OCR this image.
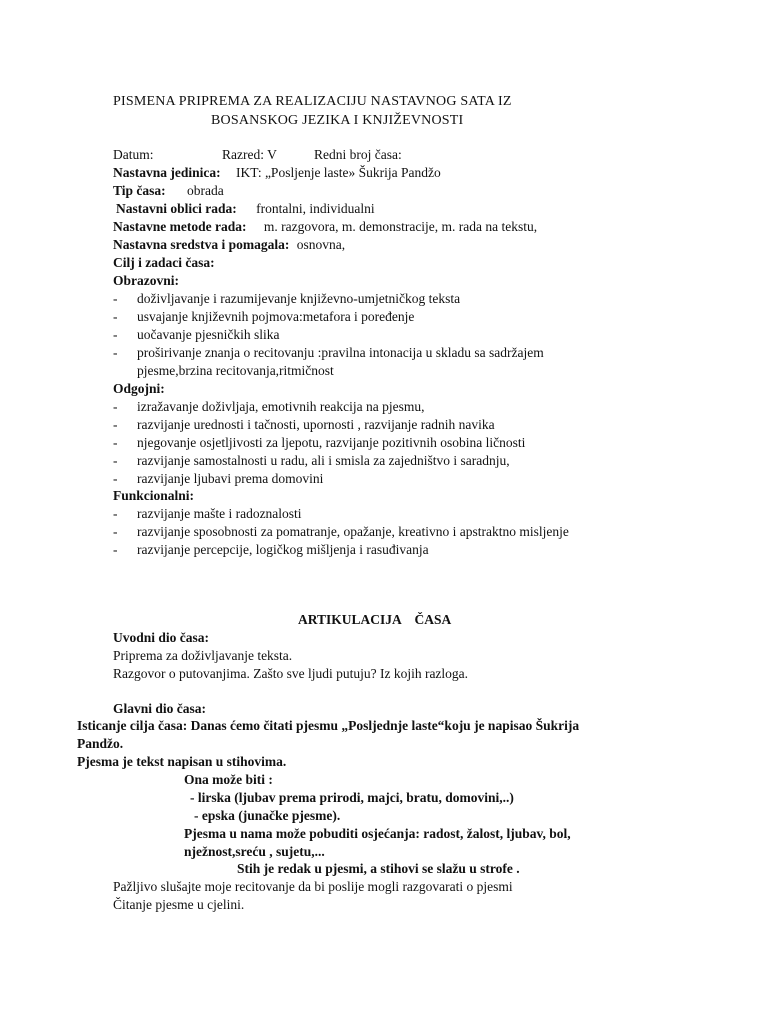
PISMENA PRIPREMA ZA REALIZACIJU NASTAVNOG SATA IZ
BOSANSKOG JEZIKA I KNJIŽEVNOSTI
Datum:	Razred: V	Redni broj časa:
Nastavna jedinica: IKT: „Posljenje laste» Šukrija Pandžo
Tip časa: obrada
Nastavni oblici rada: frontalni, individualni
Nastavne metode rada: m. razgovora, m. demonstracije, m. rada na tekstu,
Nastavna sredstva i pomagala: osnovna,
Cilj i zadaci časa:
Obrazovni:
- doživljavanje i razumijevanje književno-umjetničkog teksta
- usvajanje književnih pojmova:metafora i poređenje
- uočavanje pjesničkih slika
- proširivanje znanja o recitovanju :pravilna intonacija u skladu sa sadržajem
pjesme,brzina recitovanja,ritmičnost
Odgojni:
- izražavanje doživljaja, emotivnih reakcija na pjesmu,
- razvijanje urednosti i tačnosti, upornosti , razvijanje radnih navika
- njegovanje osjetljivosti za ljepotu, razvijanje pozitivnih osobina ličnosti
- razvijanje samostalnosti u radu, ali i smisla za zajedništvo i saradnju,
- razvijanje ljubavi prema domovini
Funkcionalni:
- razvijanje mašte i radoznalosti
- razvijanje sposobnosti za pomatranje, opažanje, kreativno i apstraktno misljenje
- razvijanje percepcije, logičkog mišljenja i rasuđivanja
ARTIKULACIJA    ČASA
Uvodni dio časa:
Priprema za doživljavanje teksta.
Razgovor o putovanjima. Zašto sve ljudi putuju? Iz kojih razloga.
Glavni dio časa:
Isticanje cilja časa: Danas ćemo čitati pjesmu „Posljednje laste“koju je napisao Šukrija
Pandžo.
Pjesma je tekst napisan u stihovima.
Ona može biti :
- lirska (ljubav prema prirodi, majci, bratu, domovini,..)
- epska (junačke pjesme).
Pjesma u nama može pobuditi osjećanja: radost, žalost, ljubav, bol,
nježnost,sreću , sujetu,...
Stih je redak u pjesmi, a stihovi se slažu u strofe .
Pažljivo slušajte moje recitovanje da bi poslije mogli razgovarati o pjesmi
Čitanje pjesme u cjelini.
